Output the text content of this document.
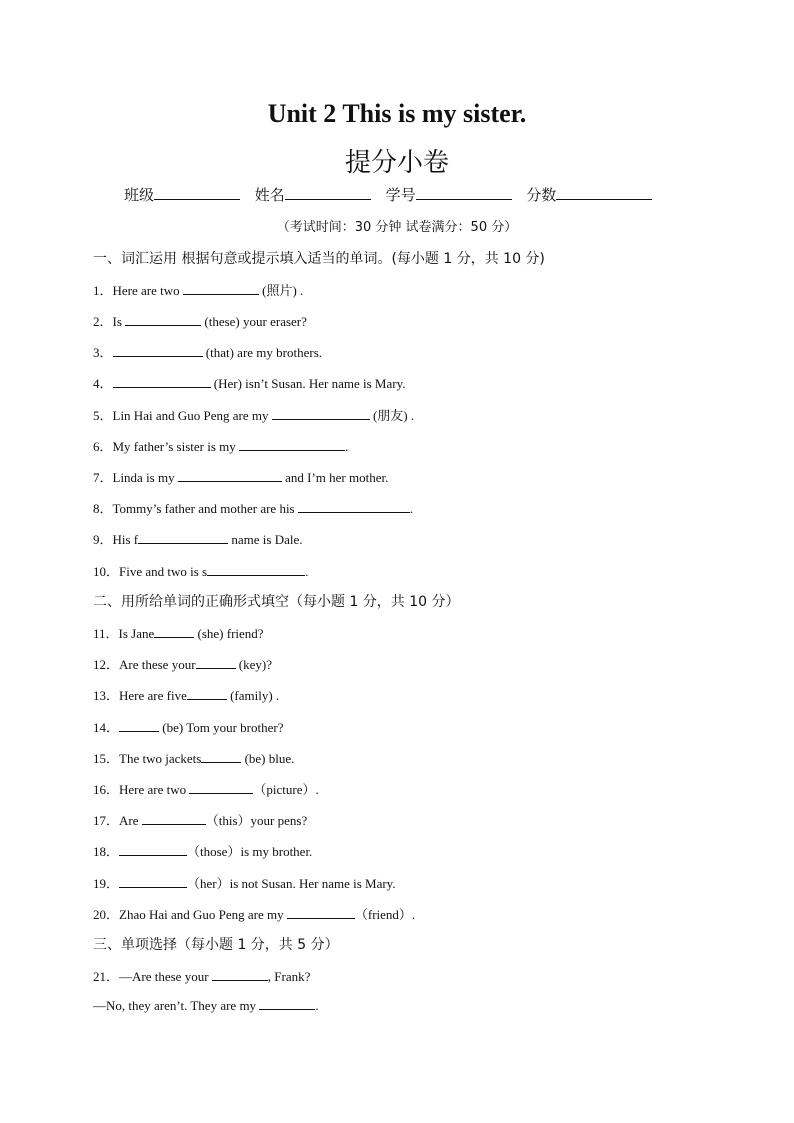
Unit 2 This is my sister.
提分小卷
班级	姓名	学号	分数
（考试时间：30 分钟 试卷满分：50 分）
一、词汇运用 根据句意或提示填入适当的单词。(每小题 1 分，共 10 分)
1．Here are two	(照片) .
2．Is	(these) your eraser?
3．	(that) are my brothers.
4．	(Her) isn’t Susan. Her name is Mary.
5．Lin Hai and Guo Peng are my	(朋友) .
6．My father’s sister is my	.
7．Linda is my	and I’m her mother.
8．Tommy’s father and mother are his	.
9．His f	name is Dale.
10．Five and two is s	.
二、用所给单词的正确形式填空（每小题 1 分，共 10 分）
11．Is Jane	(she) friend?
12．Are these your	(key)?
13．Here are five	(family) .
14．	(be) Tom your brother?
15．The two jackets	(be) blue.
16．Here are two	（picture）.
17．Are	（this）your pens?
18．	（those）is my brother.
19．	（her）is not Susan. Her name is Mary.
20．Zhao Hai and Guo Peng are my	（friend）.
三、单项选择（每小题 1 分，共 5 分）
21．—Are these your	, Frank?
—No, they aren’t. They are my	.
